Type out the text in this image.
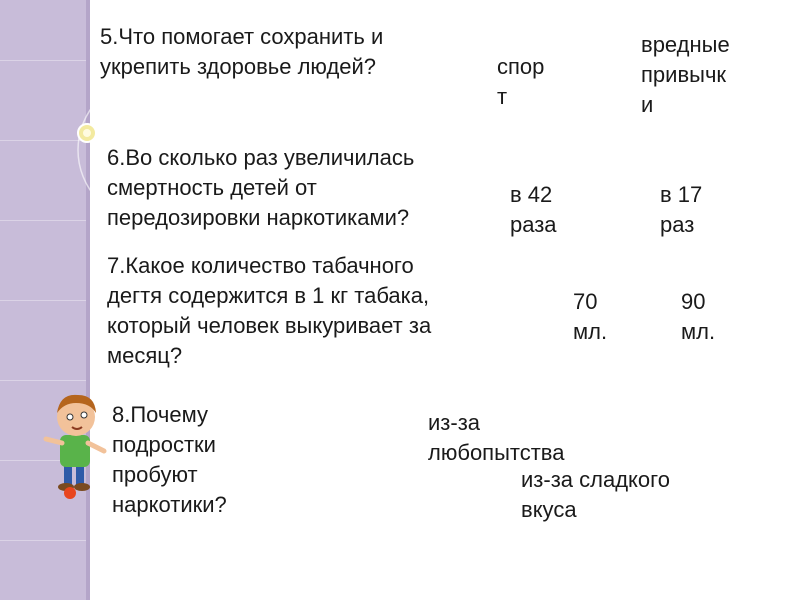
5.Что помогает сохранить и
укрепить здоровье людей?	спор
т

вредные
привычк
и

6.Во сколько раз увеличилась
смертность детей от
передозировки наркотиками?

в 42
раза

в 17
раз

7.Какое количество табачного
дегтя содержится в 1 кг табака,
который человек выкуривает за
месяц?

70
мл.

90
мл.

8.Почему
подростки
пробуют
наркотики?

из-за
любопытства

из-за сладкого
вкуса
